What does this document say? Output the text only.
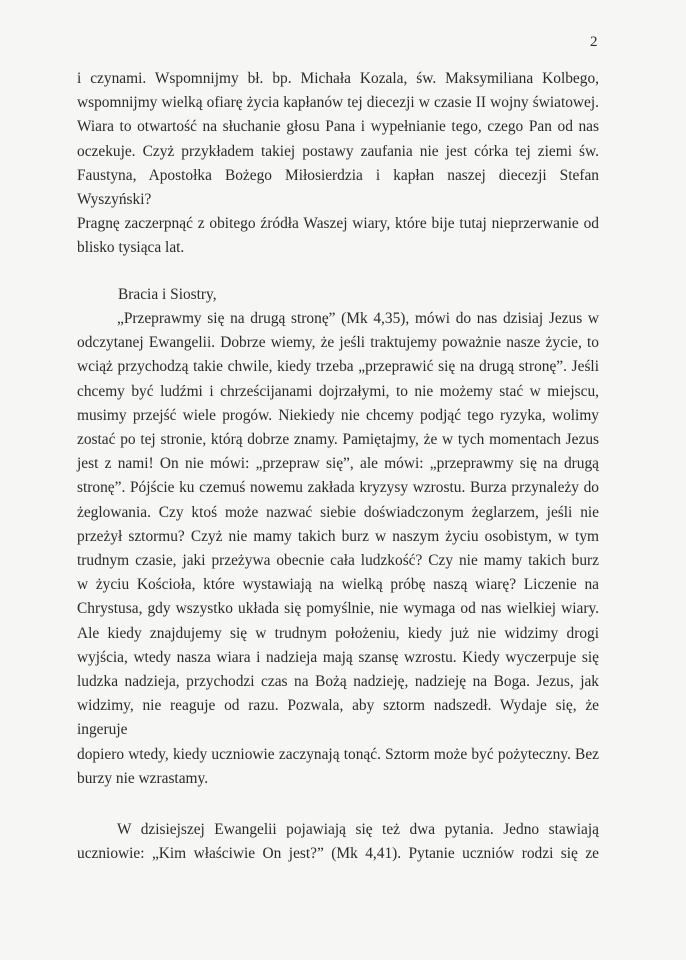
2
i czynami. Wspomnijmy bł. bp. Michała Kozala, św. Maksymiliana Kolbego,
wspomnijmy wielką ofiarę życia kapłanów tej diecezji w czasie II wojny światowej.
Wiara to otwartość na słuchanie głosu Pana i wypełnianie tego, czego Pan od nas
oczekuje. Czyż przykładem takiej postawy zaufania nie jest córka tej ziemi św.
Faustyna, Apostołka Bożego Miłosierdzia i kapłan naszej diecezji Stefan Wyszyński?
Pragnę zaczerpnąć z obitego źródła Waszej wiary, które bije tutaj nieprzerwanie od
blisko tysiąca lat.
Bracia i Siostry,
„Przeprawmy się na drugą stronę” (Mk 4,35), mówi do nas dzisiaj Jezus w
odczytanej Ewangelii. Dobrze wiemy, że jeśli traktujemy poważnie nasze życie, to
wciąż przychodzą takie chwile, kiedy trzeba „przeprawić się na drugą stronę”. Jeśli
chcemy być ludźmi i chrześcijanami dojrzałymi, to nie możemy stać w miejscu,
musimy przejść wiele progów. Niekiedy nie chcemy podjąć tego ryzyka, wolimy
zostać po tej stronie, którą dobrze znamy. Pamiętajmy, że w tych momentach Jezus
jest z nami! On nie mówi: „przepraw się”, ale mówi: „przeprawmy się na drugą
stronę”. Pójście ku czemuś nowemu zakłada kryzysy wzrostu. Burza przynależy do
żeglowania. Czy ktoś może nazwać siebie doświadczonym żeglarzem, jeśli nie
przeżył sztormu? Czyż nie mamy takich burz w naszym życiu osobistym, w tym
trudnym czasie, jaki przeżywa obecnie cała ludzkość? Czy nie mamy takich burz
w życiu Kościoła, które wystawiają na wielką próbę naszą wiarę? Liczenie na
Chrystusa, gdy wszystko układa się pomyślnie, nie wymaga od nas wielkiej wiary.
Ale kiedy znajdujemy się w trudnym położeniu, kiedy już nie widzimy drogi
wyjścia, wtedy nasza wiara i nadzieja mają szansę wzrostu. Kiedy wyczerpuje się
ludzka nadzieja, przychodzi czas na Bożą nadzieję, nadzieję na Boga. Jezus, jak
widzimy, nie reaguje od razu. Pozwala, aby sztorm nadszedł. Wydaje się, że ingeruje
dopiero wtedy, kiedy uczniowie zaczynają tonąć. Sztorm może być pożyteczny. Bez
burzy nie wzrastamy.
W dzisiejszej Ewangelii pojawiają się też dwa pytania. Jedno stawiają
uczniowie: „Kim właściwie On jest?” (Mk 4,41). Pytanie uczniów rodzi się ze
